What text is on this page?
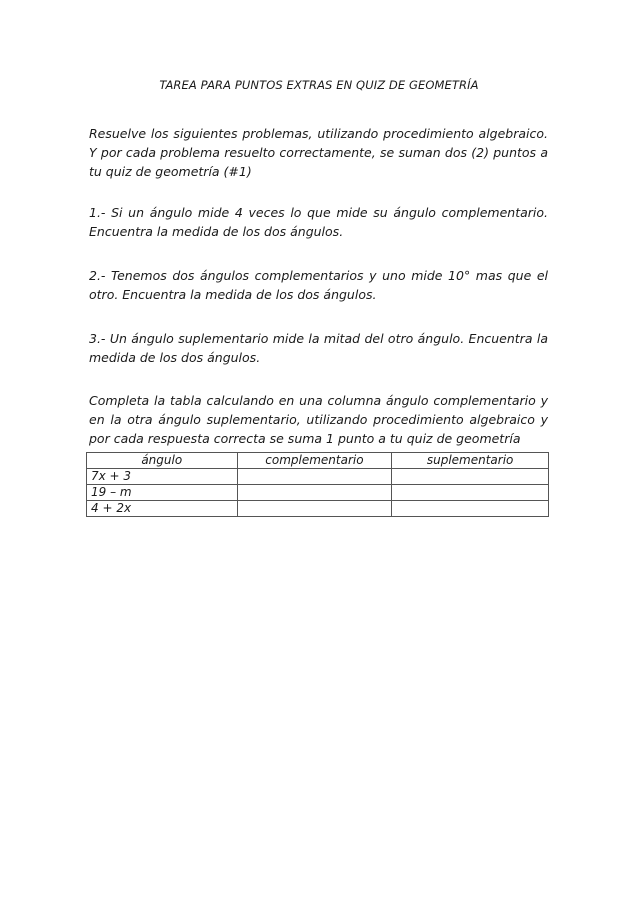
TAREA PARA PUNTOS EXTRAS EN QUIZ DE GEOMETRÍA
Resuelve los siguientes problemas, utilizando procedimiento algebraico. Y por cada problema resuelto correctamente, se suman dos (2) puntos a tu quiz de geometría (#1)
1.- Si un ángulo mide 4 veces lo que mide su ángulo complementario. Encuentra la medida de los dos ángulos.
2.- Tenemos dos ángulos complementarios y uno mide 10° mas que el otro. Encuentra la medida de los dos ángulos.
3.- Un ángulo suplementario mide la mitad del otro ángulo. Encuentra la medida de los dos ángulos.
Completa la tabla calculando en una columna ángulo complementario y en la otra ángulo suplementario, utilizando procedimiento algebraico y por cada respuesta correcta se suma 1 punto a tu quiz de geometría
ángulo	complementario	suplementario
7x + 3		
19 – m		
4 + 2x		
